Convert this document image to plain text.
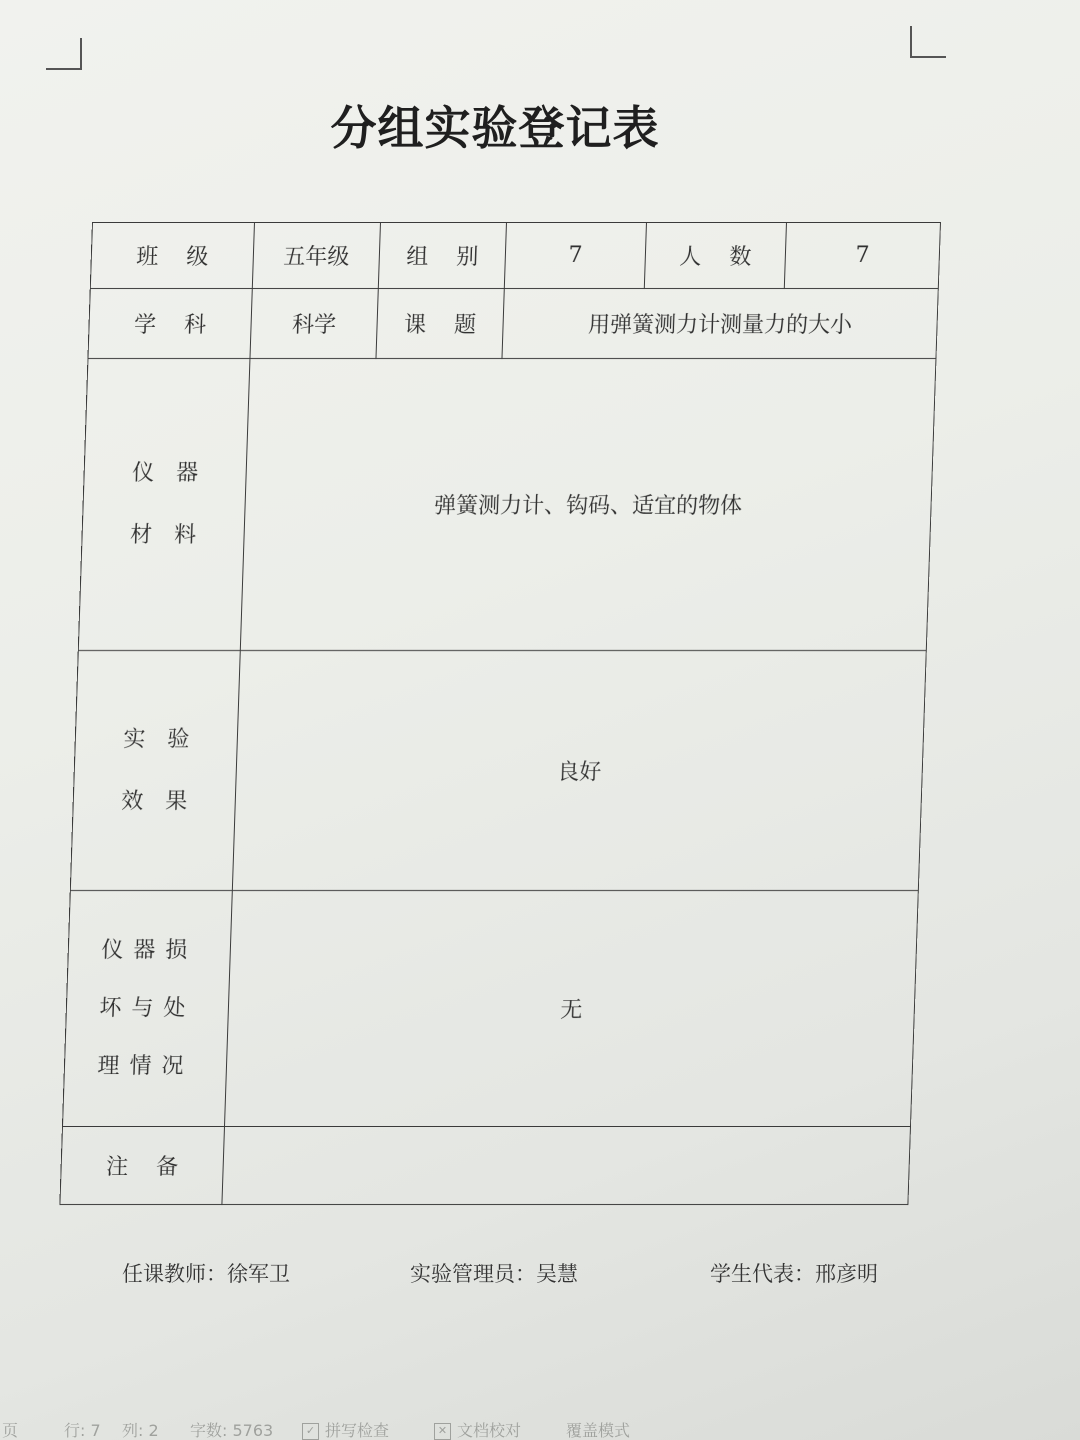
分组实验登记表
班 级	五年级	组 别	7	人 数	7
学 科	科学	课 题	用弹簧测力计测量力的大小		

仪　器
材　料	弹簧测力计、钩码、适宜的物体				

实　验
效　果	良好				

仪器损
坏与处
理情况	无				
注 备					
任课教师：徐军卫	实验管理员：吴慧	学生代表：邢彦明
页	行: 7 列: 2 字数: 5763	✓ 拼写检查	✕ 文档校对	覆盖模式
